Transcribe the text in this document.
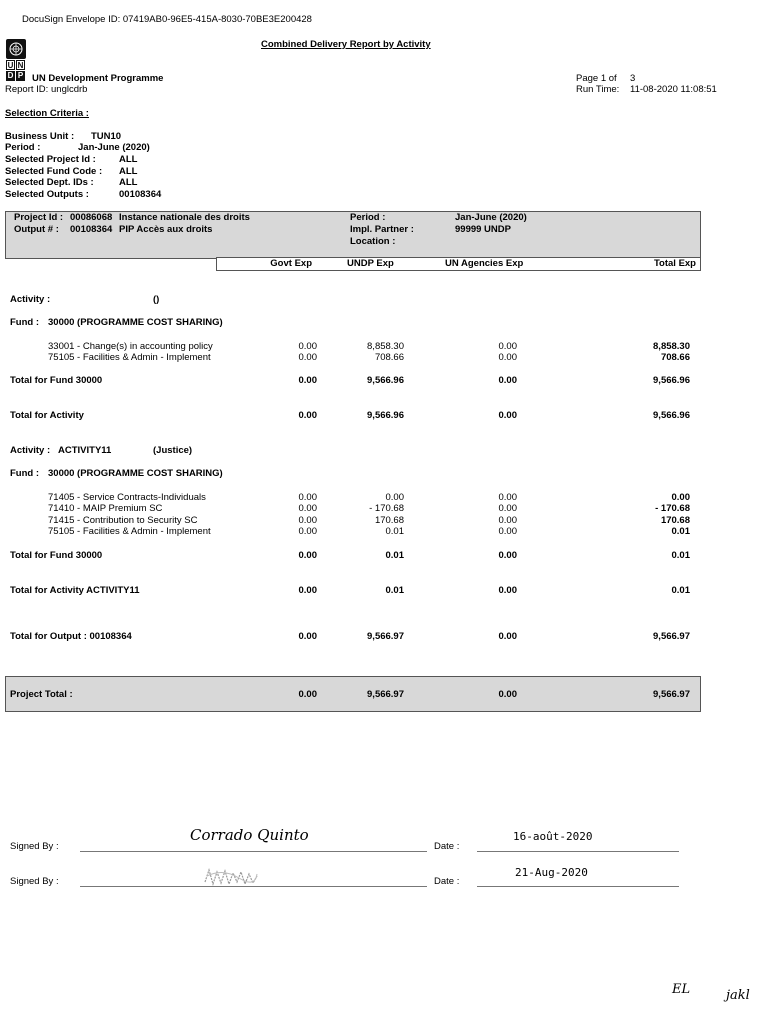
DocuSign Envelope ID: 07419AB0-96E5-415A-8030-70BE3E200428
Combined Delivery Report by Activity
U N
D P UN Development Programme
Report ID: unglcdrb
Page 1 of 3
Run Time: 11-08-2020 11:08:51
Selection Criteria :
Business Unit : TUN10
Period :	Jan-June (2020)
Selected Project Id : ALL
Selected Fund Code : ALL
Selected Dept. IDs :	ALL
Selected Outputs :	00108364
Project Id : 00086068 Instance nationale des droits
Output # : 00108364 PIP Accès aux droits
Period :	Jan-June (2020)
Impl. Partner :	99999 UNDP
Location :
Govt Exp	UNDP Exp	UN Agencies Exp	Total Exp
Activity :	()
Fund : 30000 (PROGRAMME COST SHARING)
33001 - Change(s) in accounting policy	0.00	8,858.30	0.00	8,858.30
75105 - Facilities & Admin - Implement	0.00	708.66	0.00	708.66
Total for Fund 30000	0.00	9,566.96	0.00	9,566.96
Total for Activity	0.00	9,566.96	0.00	9,566.96
Activity : ACTIVITY11	(Justice)
Fund : 30000 (PROGRAMME COST SHARING)
71405 - Service Contracts-Individuals	0.00	0.00	0.00	0.00
71410 - MAIP Premium SC	0.00	- 170.68	0.00	- 170.68
71415 - Contribution to Security SC	0.00	170.68	0.00	170.68
75105 - Facilities & Admin - Implement	0.00	0.01	0.00	0.01
Total for Fund 30000	0.00	0.01	0.00	0.01
Total for Activity ACTIVITY11	0.00	0.01	0.00	0.01
Total for Output : 00108364	0.00	9,566.97	0.00	9,566.97
Project Total :	0.00	9,566.97	0.00	9,566.97
Signed By :
Corrado Quinto
Date :
16-août-2020
Signed By :	Date :
21-Aug-2020
EL	jakl
